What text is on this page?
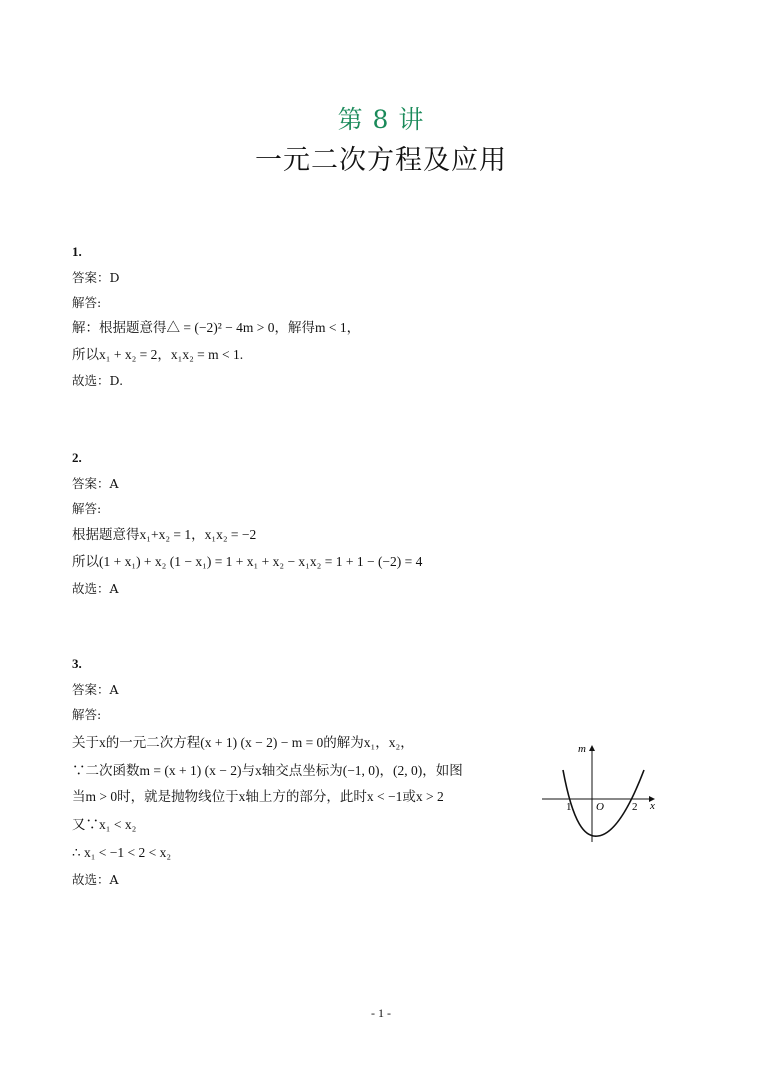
第 8 讲
一元二次方程及应用
1.
答案：D
解答:
解：根据题意得△ = (−2)² − 4m > 0，解得m < 1，
所以x₁ + x₂ = 2，x₁x₂ = m < 1.
故选：D.
2.
答案：A
解答:
根据题意得x₁+x₂ = 1，x₁x₂ = −2
所以(1 + x₁) + x₂ (1 − x₁) = 1 + x₁ + x₂ − x₁x₂ = 1 + 1 − (−2) = 4
故选：A
3.
答案：A
解答:
关于x的一元二次方程(x + 1) (x − 2) − m = 0的解为x₁，x₂，
∵二次函数m = (x + 1) (x − 2)与x轴交点坐标为(−1, 0)，(2, 0)，如图
当m > 0时，就是抛物线位于x轴上方的部分，此时x < −1或x > 2
又∵x₁ < x₂
∴ x₁ < −1 < 2 < x₂
故选：A
m
x
O
1	2
- 1 -
